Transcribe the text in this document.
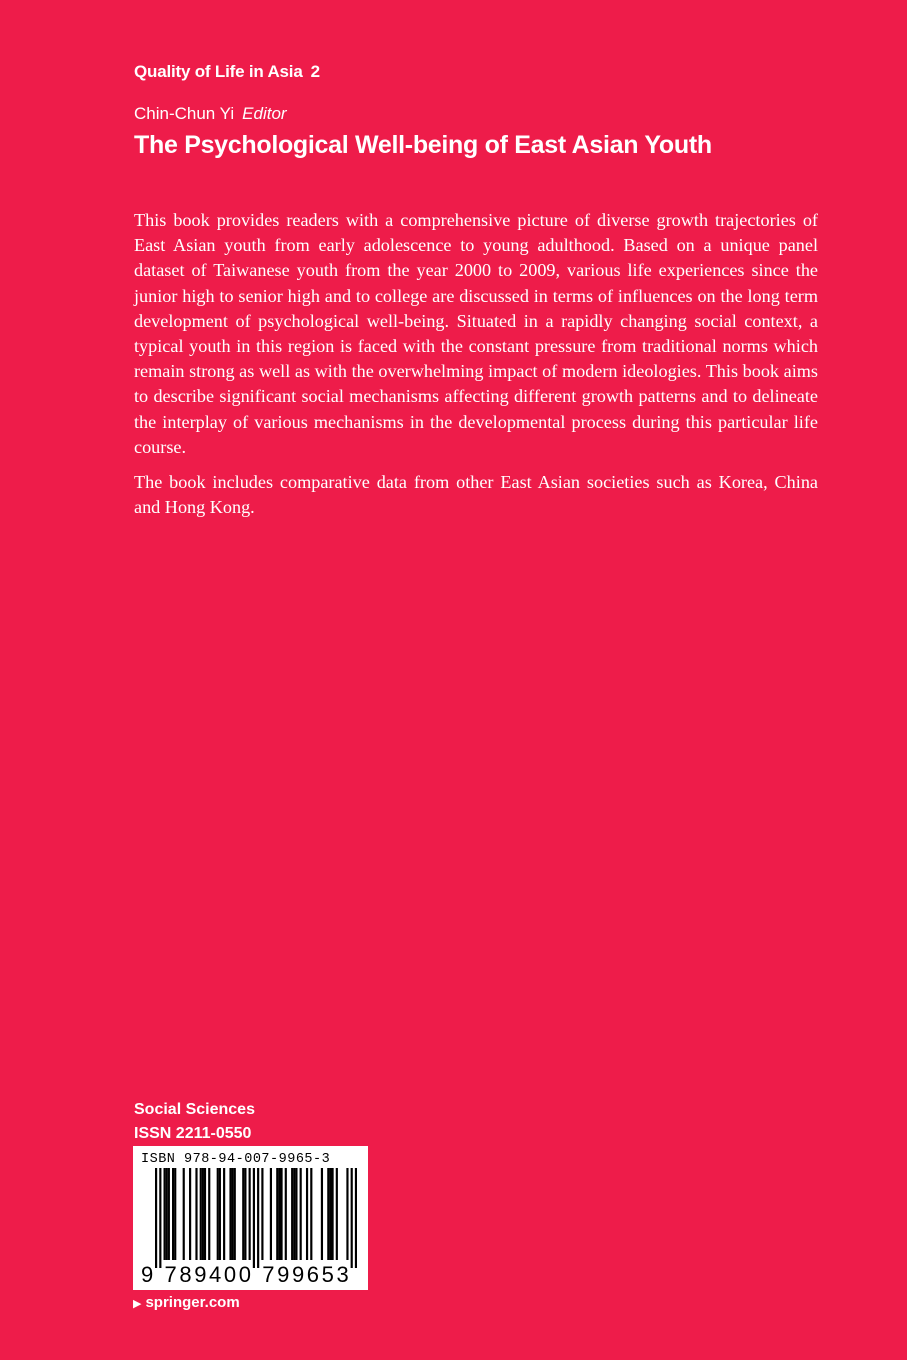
Quality of Life in Asia 2
Chin-Chun Yi Editor
The Psychological Well-being of East Asian Youth

This book provides readers with a comprehensive picture of diverse growth trajectories of East Asian youth from early adolescence to young adulthood. Based on a unique panel dataset of Taiwanese youth from the year 2000 to 2009, various life experiences since the junior high to senior high and to college are discussed in terms of influences on the long term development of psychological well-being. Situated in a rapidly changing social context, a typical youth in this region is faced with the constant pressure from traditional norms which remain strong as well as with the overwhelming impact of modern ideologies. This book aims to describe significant social mechanisms affecting different growth patterns and to delineate the interplay of various mechanisms in the developmental process during this particular life course.

The book includes comparative data from other East Asian societies such as Korea, China and Hong Kong.

Social Sciences
ISSN 2211-0550
ISBN 978-94-007-9965-3
9 789400 799653
▶ springer.com
